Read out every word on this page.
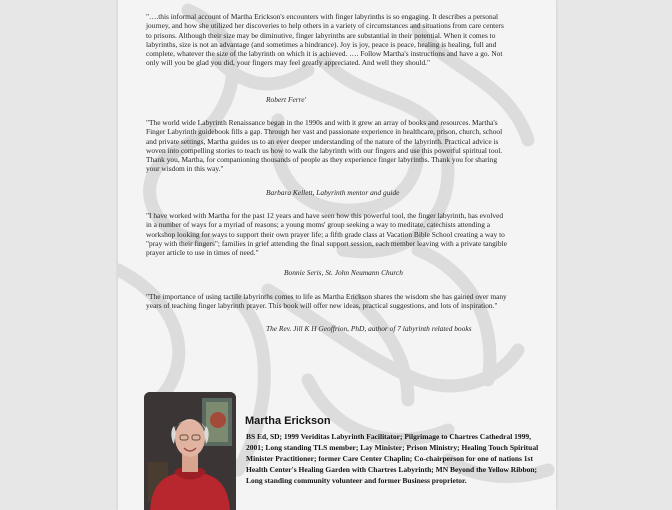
"….this informal account of Martha Erickson's encounters with finger labyrinths is so engaging. It describes a personal journey, and how she utilized her discoveries to help others in a variety of circumstances and situations from care centers to prisons. Although their size may be diminutive, finger labyrinths are substantial in their potential. When it comes to labyrinths, size is not an advantage (and sometimes a hindrance). Joy is joy, peace is peace, healing is healing, full and complete, whatever the size of the labyrinth on which it is achieved. …. Follow Martha's instructions and have a go. Not only will you be glad you did, your fingers may feel greatly appreciated. And well they should."

Robert Ferre'

"The world wide Labyrinth Renaissance began in the 1990s and with it grew an array of books and resources. Martha's Finger Labyrinth guidebook fills a gap. Through her vast and passionate experience in healthcare, prison, church, school and private settings, Martha guides us to an ever deeper understanding of the nature of the labyrinth. Practical advice is woven into compelling stories to teach us how to walk the labyrinth with our fingers and use this powerful spiritual tool. Thank you, Martha, for companioning thousands of people as they experience finger labyrinths. Thank you for sharing your wisdom in this way."

Barbara Kellett, Labyrinth mentor and guide

"I have worked with Martha for the past 12 years and have seen how this powerful tool, the finger labyrinth, has evolved in a number of ways for a myriad of reasons; a young moms' group seeking a way to meditate, catechists attending a workshop looking for ways to support their own prayer life; a fifth grade class at Vacation Bible School creating a way to "pray with their fingers"; families in grief attending the final support session, each member leaving with a private tangible prayer article to use in times of need."

Bonnie Seris, St. John Neumann Church

"The importance of using tactile labyrinths comes to life as Martha Erickson shares the wisdom she has gained over many years of teaching finger labyrinth prayer. This book will offer new ideas, practical suggestions, and lots of inspiration."

The Rev. Jill K H Geoffrion, PhD, author of 7 labyrinth related books
Martha Erickson
BS Ed, SD; 1999 Veriditas Labyrinth Facilitator; Pilgrimage to Chartres Cathedral 1999, 2001; Long standing TLS member; Lay Minister; Prison Ministry; Healing Touch Spiritual Minister Practitioner; former Care Center Chaplin; Co-chairperson for one of nations 1st Health Center's Healing Garden with Chartres Labyrinth; MN Beyond the Yellow Ribbon; Long standing community volunteer and former Business proprietor.
